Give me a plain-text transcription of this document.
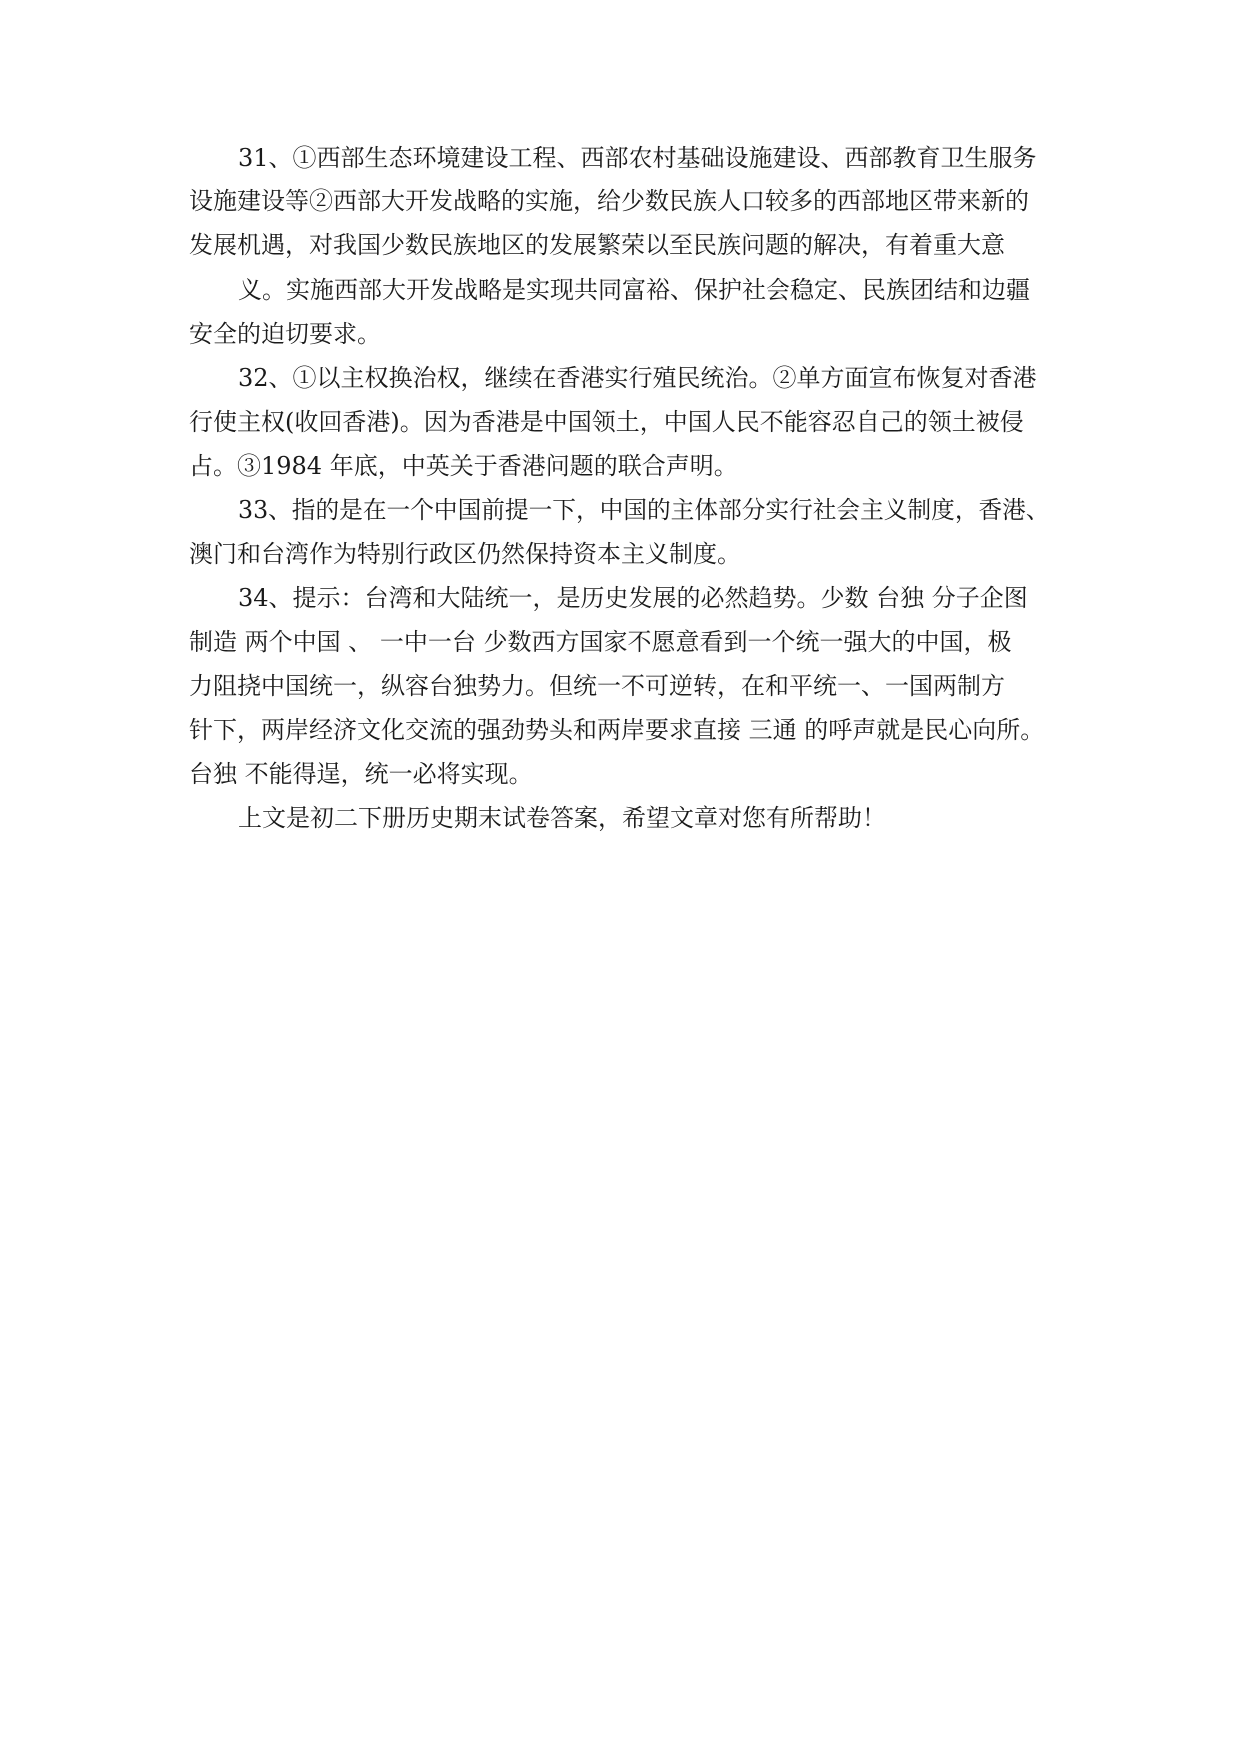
31、①西部生态环境建设工程、西部农村基础设施建设、西部教育卫生服务
设施建设等②西部大开发战略的实施，给少数民族人口较多的西部地区带来新的
发展机遇，对我国少数民族地区的发展繁荣以至民族问题的解决，有着重大意
义。实施西部大开发战略是实现共同富裕、保护社会稳定、民族团结和边疆
安全的迫切要求。
32、①以主权换治权，继续在香港实行殖民统治。②单方面宣布恢复对香港
行使主权(收回香港)。因为香港是中国领土，中国人民不能容忍自己的领土被侵
占。③1984 年底，中英关于香港问题的联合声明。
33、指的是在一个中国前提一下，中国的主体部分实行社会主义制度，香港、
澳门和台湾作为特别行政区仍然保持资本主义制度。
34、提示：台湾和大陆统一，是历史发展的必然趋势。少数 台独 分子企图
制造 两个中国 、 一中一台 少数西方国家不愿意看到一个统一强大的中国，极
力阻挠中国统一，纵容台独势力。但统一不可逆转，在和平统一、一国两制方
针下，两岸经济文化交流的强劲势头和两岸要求直接 三通 的呼声就是民心向所。
台独 不能得逞，统一必将实现。
上文是初二下册历史期末试卷答案，希望文章对您有所帮助！
